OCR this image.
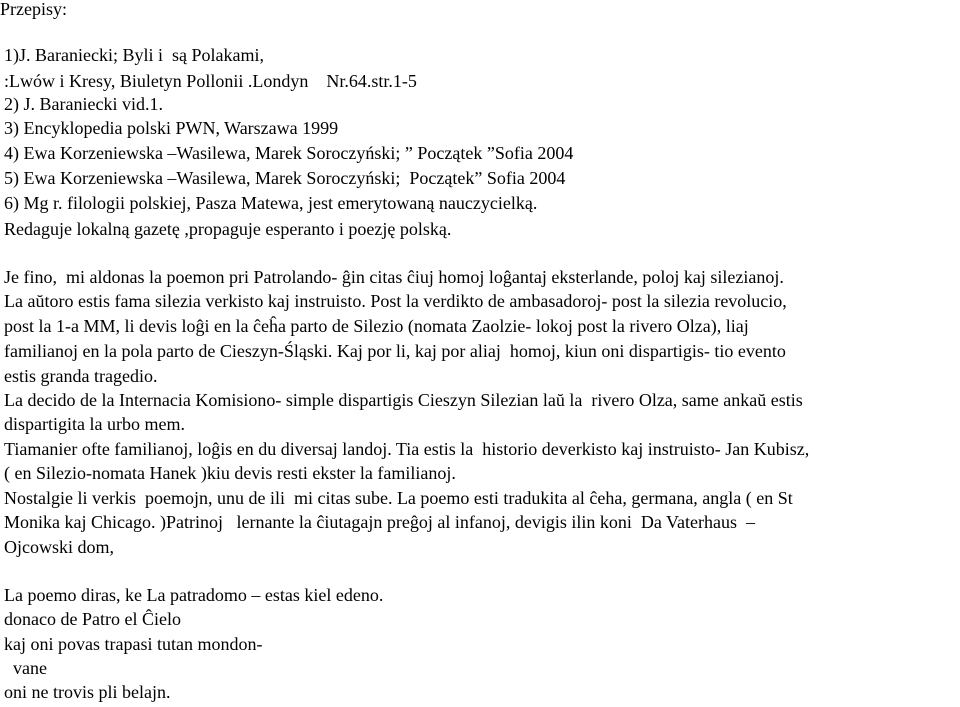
Przepisy:
1)J. Baraniecki; Byli i  są Polakami,
:Lwów i Kresy, Biuletyn Pollonii .Londyn    Nr.64.str.1-5
2) J. Baraniecki vid.1.
3) Encyklopedia polski PWN, Warszawa 1999
4) Ewa Korzeniewska –Wasilewa, Marek Soroczyński; ” Początek ”Sofia 2004
5) Ewa Korzeniewska –Wasilewa, Marek Soroczyński;  Początek” Sofia 2004
6) Mg r. filologii polskiej, Pasza Matewa, jest emerytowaną nauczycielką.
Redaguje lokalną gazetę ,propaguje esperanto i poezję polską.
Je fino,  mi aldonas la poemon pri Patrolando- ĝin citas ĉiuj homoj loĝantaj eksterlande, poloj kaj silezianoj.
La aŭtoro estis fama silezia verkisto kaj instruisto. Post la verdikto de ambasadoroj- post la silezia revolucio,
post la 1-a MM, li devis loĝi en la ĉeĥa parto de Silezio (nomata Zaolzie- lokoj post la rivero Olza), liaj
familianoj en la pola parto de Cieszyn-Śląski. Kaj por li, kaj por aliaj  homoj, kiun oni dispartigis- tio evento
estis granda tragedio.
La decido de la Internacia Komisiono- simple dispartigis Cieszyn Silezian laŭ la  rivero Olza, same ankaŭ estis
dispartigita la urbo mem.
Tiamanier ofte familianoj, loĝis en du diversaj landoj. Tia estis la  historio deverkisto kaj instruisto- Jan Kubisz,
( en Silezio-nomata Hanek )kiu devis resti ekster la familianoj.
Nostalgie li verkis  poemojn, unu de ili  mi citas sube. La poemo esti tradukita al ĉeha, germana, angla ( en St
Monika kaj Chicago. )Patrinoj   lernante la ĉiutagajn preĝoj al infanoj, devigis ilin koni  Da Vaterhaus  –
Ojcowski dom,
La poemo diras, ke La patradomo – estas kiel edeno.
donaco de Patro el Ĉielo
kaj oni povas trapasi tutan mondon-
vane
oni ne trovis pli belajn.
